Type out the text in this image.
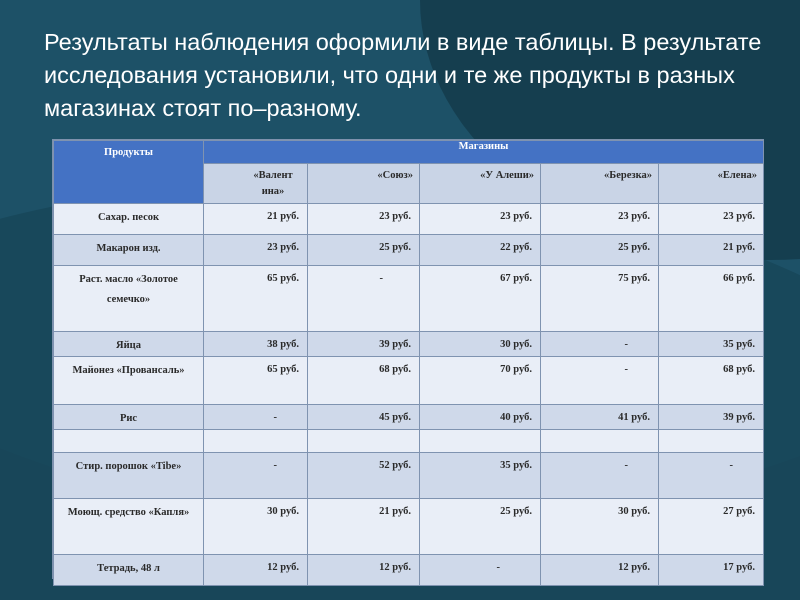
Результаты наблюдения оформили в виде таблицы. В результате исследования установили, что одни и те же продукты в разных магазинах стоят по–разному.

Продукты	Магазины				
	«Валент ина»	«Союз»	«У Алеши»	«Березка»	«Елена»
Сахар. песок	21 руб.	23 руб.	23 руб.	23 руб.	23 руб.
Макарон изд.	23 руб.	25 руб.	22 руб.	25 руб.	21 руб.
Раст. масло «Золотое семечко»	65 руб.	-	67 руб.	75 руб.	66 руб.
Яйца	38 руб.	39 руб.	30 руб.	-	35 руб.
Майонез «Провансаль»	65 руб.	68 руб.	70 руб.	-	68 руб.
Рис	-	45 руб.	40 руб.	41 руб.	39 руб.

Стир. порошок «Tibe»	-	52 руб.	35 руб.	-	-
Моющ. средство «Капля»	30 руб.	21 руб.	25 руб.	30 руб.	27 руб.
Тетрадь, 48 л	12 руб.	12 руб.	-	12 руб.	17 руб.
